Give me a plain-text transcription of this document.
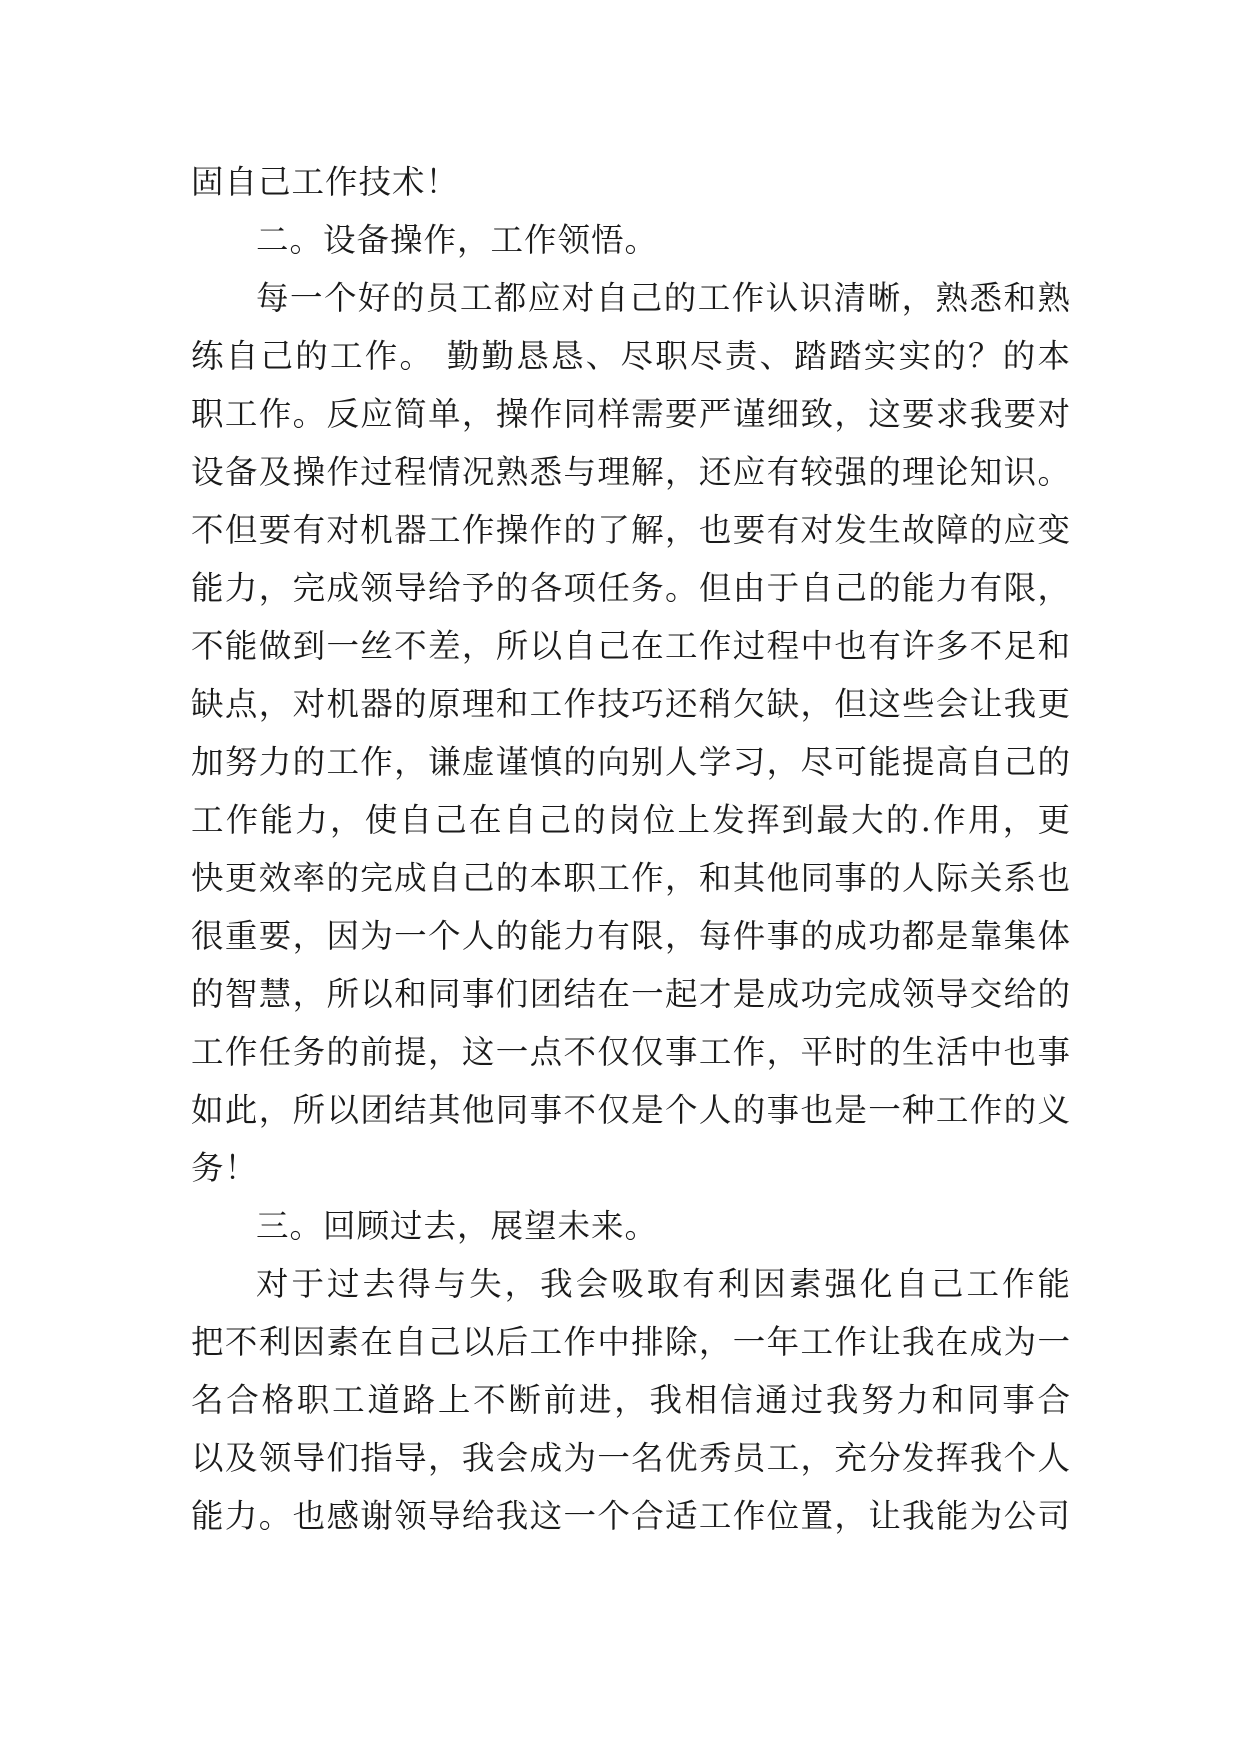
固自己工作技术！
二。设备操作，工作领悟。
每一个好的员工都应对自己的工作认识清晰，熟悉和熟
练自己的工作。 勤勤恳恳、尽职尽责、踏踏实实的？的本
职工作。反应简单，操作同样需要严谨细致，这要求我要对
设备及操作过程情况熟悉与理解，还应有较强的理论知识。
不但要有对机器工作操作的了解，也要有对发生故障的应变
能力，完成领导给予的各项任务。但由于自己的能力有限，
不能做到一丝不差，所以自己在工作过程中也有许多不足和
缺点，对机器的原理和工作技巧还稍欠缺，但这些会让我更
加努力的工作，谦虚谨慎的向别人学习，尽可能提高自己的
工作能力，使自己在自己的岗位上发挥到最大的.作用，更
快更效率的完成自己的本职工作，和其他同事的人际关系也
很重要，因为一个人的能力有限，每件事的成功都是靠集体
的智慧，所以和同事们团结在一起才是成功完成领导交给的
工作任务的前提，这一点不仅仅事工作，平时的生活中也事
如此，所以团结其他同事不仅是个人的事也是一种工作的义
务！
三。回顾过去，展望未来。
对于过去得与失，我会吸取有利因素强化自己工作能
把不利因素在自己以后工作中排除，一年工作让我在成为一
名合格职工道路上不断前进，我相信通过我努力和同事合
以及领导们指导，我会成为一名优秀员工，充分发挥我个人
能力。也感谢领导给我这一个合适工作位置，让我能为公司
